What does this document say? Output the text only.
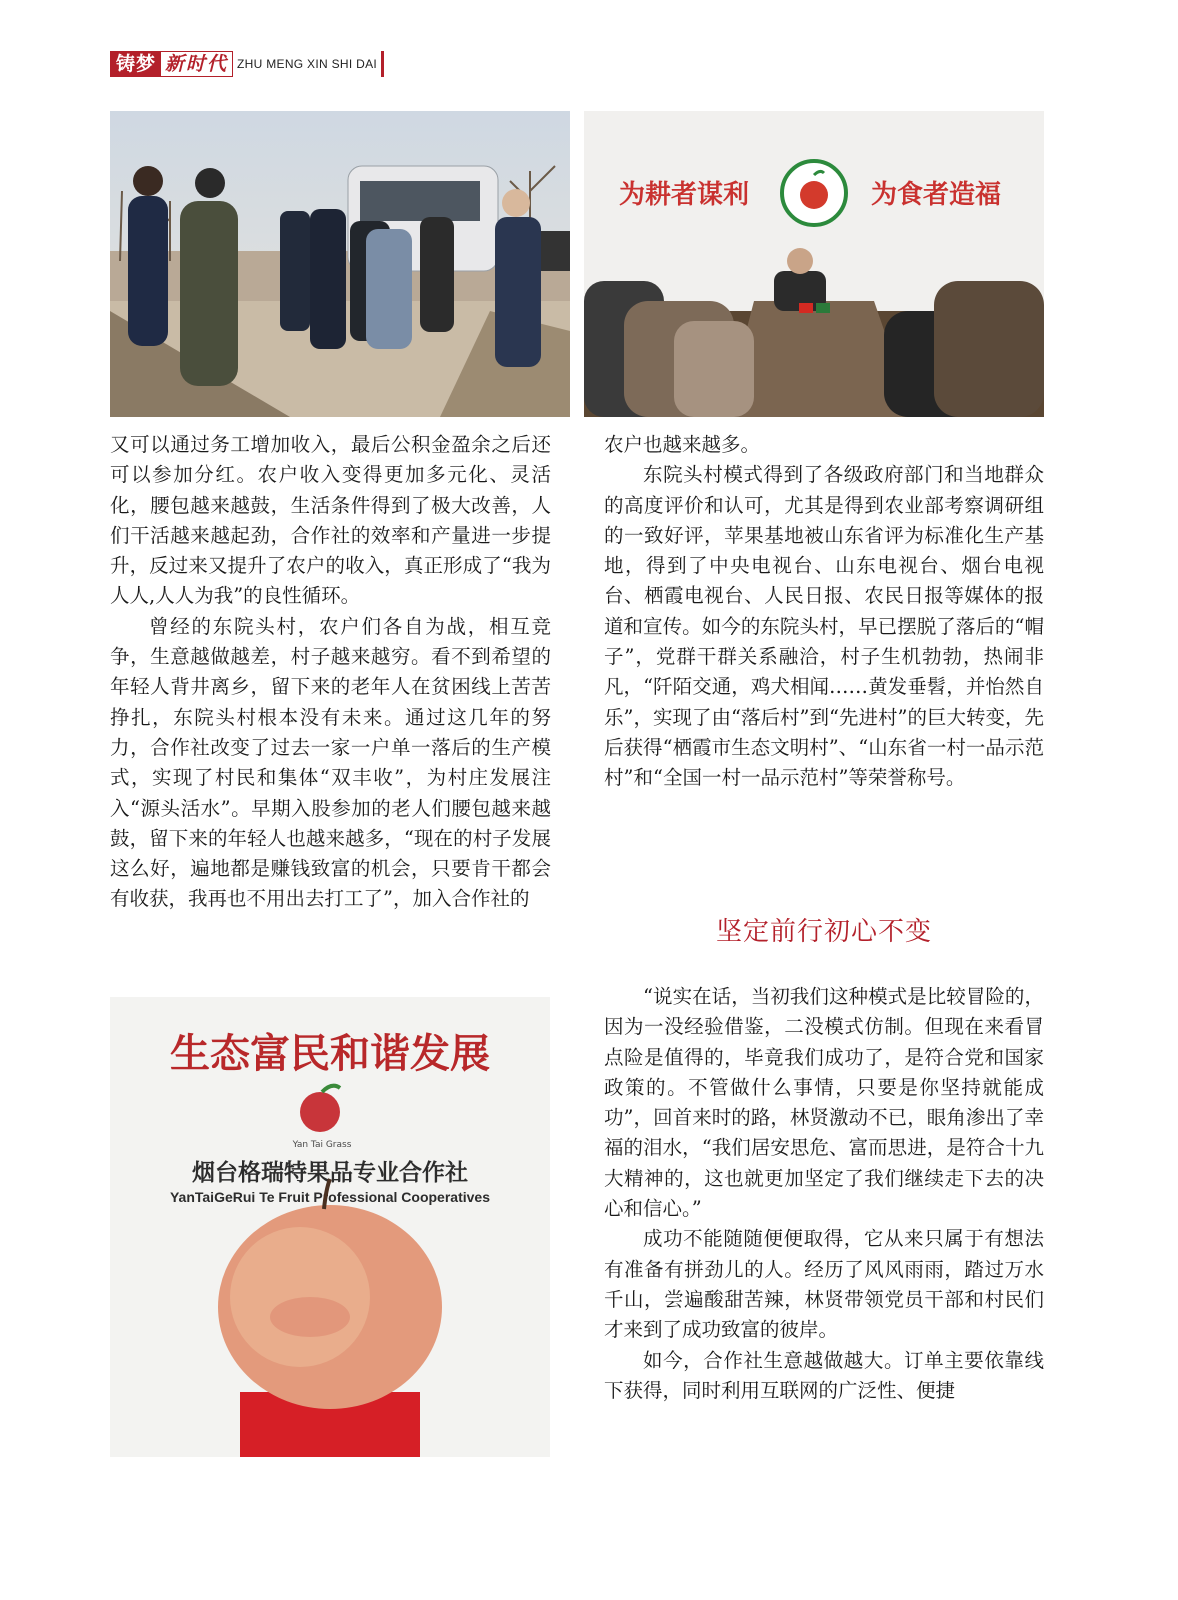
铸梦 新时代 ZHU MENG XIN SHI DAI
为耕者谋利	为食者造福
生态富民和谐发展
Yan Tai Grass
烟台格瑞特果品专业合作社
YanTaiGeRui Te Fruit Professional Cooperatives

又可以通过务工增加收入，最后公积金盈余之后还可以参加分红。农户收入变得更加多元化、灵活化，腰包越来越鼓，生活条件得到了极大改善，人们干活越来越起劲，合作社的效率和产量进一步提升，反过来又提升了农户的收入，真正形成了“我为人人,人人为我”的良性循环。

曾经的东院头村，农户们各自为战，相互竞争，生意越做越差，村子越来越穷。看不到希望的年轻人背井离乡，留下来的老年人在贫困线上苦苦挣扎，东院头村根本没有未来。通过这几年的努力，合作社改变了过去一家一户单一落后的生产模式，实现了村民和集体“双丰收”，为村庄发展注入“源头活水”。早期入股参加的老人们腰包越来越鼓，留下来的年轻人也越来越多，“现在的村子发展这么好，遍地都是赚钱致富的机会，只要肯干都会有收获，我再也不用出去打工了”，加入合作社的

农户也越来越多。

东院头村模式得到了各级政府部门和当地群众的高度评价和认可，尤其是得到农业部考察调研组的一致好评，苹果基地被山东省评为标准化生产基地，得到了中央电视台、山东电视台、烟台电视台、栖霞电视台、人民日报、农民日报等媒体的报道和宣传。如今的东院头村，早已摆脱了落后的“帽子”，党群干群关系融洽，村子生机勃勃，热闹非凡，“阡陌交通，鸡犬相闻……黄发垂髫，并怡然自乐”，实现了由“落后村”到“先进村”的巨大转变，先后获得“栖霞市生态文明村”、“山东省一村一品示范村”和“全国一村一品示范村”等荣誉称号。

坚定前行初心不变

“说实在话，当初我们这种模式是比较冒险的，因为一没经验借鉴，二没模式仿制。但现在来看冒点险是值得的，毕竟我们成功了，是符合党和国家政策的。不管做什么事情，只要是你坚持就能成功”，回首来时的路，林贤激动不已，眼角渗出了幸福的泪水，“我们居安思危、富而思进，是符合十九大精神的，这也就更加坚定了我们继续走下去的决心和信心。”

成功不能随随便便取得，它从来只属于有想法有准备有拼劲儿的人。经历了风风雨雨，踏过万水千山，尝遍酸甜苦辣，林贤带领党员干部和村民们才来到了成功致富的彼岸。

如今，合作社生意越做越大。订单主要依靠线下获得，同时利用互联网的广泛性、便捷
